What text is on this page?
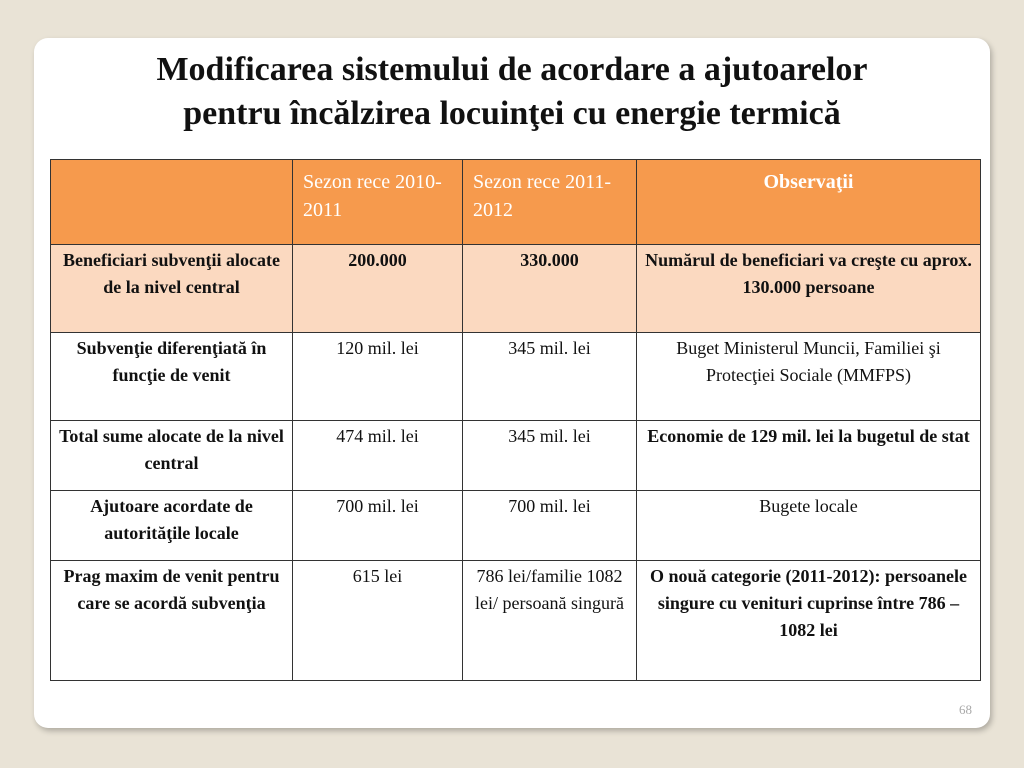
Modificarea sistemului de acordare a ajutoarelor
pentru încălzirea locuinţei cu energie termică
	Sezon rece 2010-2011	Sezon rece 2011-2012	Observaţii
Beneficiari subvenţii alocate de la nivel central	200.000	330.000	Numărul de beneficiari va creşte cu aprox. 130.000 persoane
Subvenţie diferenţiată în funcţie de venit	120 mil. lei	345 mil. lei	Buget Ministerul Muncii, Familiei şi Protecţiei Sociale (MMFPS)
Total sume alocate de la nivel central	474 mil. lei	345 mil. lei	Economie de 129 mil. lei la bugetul de stat
Ajutoare acordate de autorităţile locale	700 mil. lei	700 mil. lei	Bugete locale
Prag maxim de venit pentru care se acordă subvenţia	615 lei	786 lei/familie 1082 lei/ persoană singură	O nouă categorie (2011-2012): persoanele singure cu venituri cuprinse între 786 – 1082 lei
68
